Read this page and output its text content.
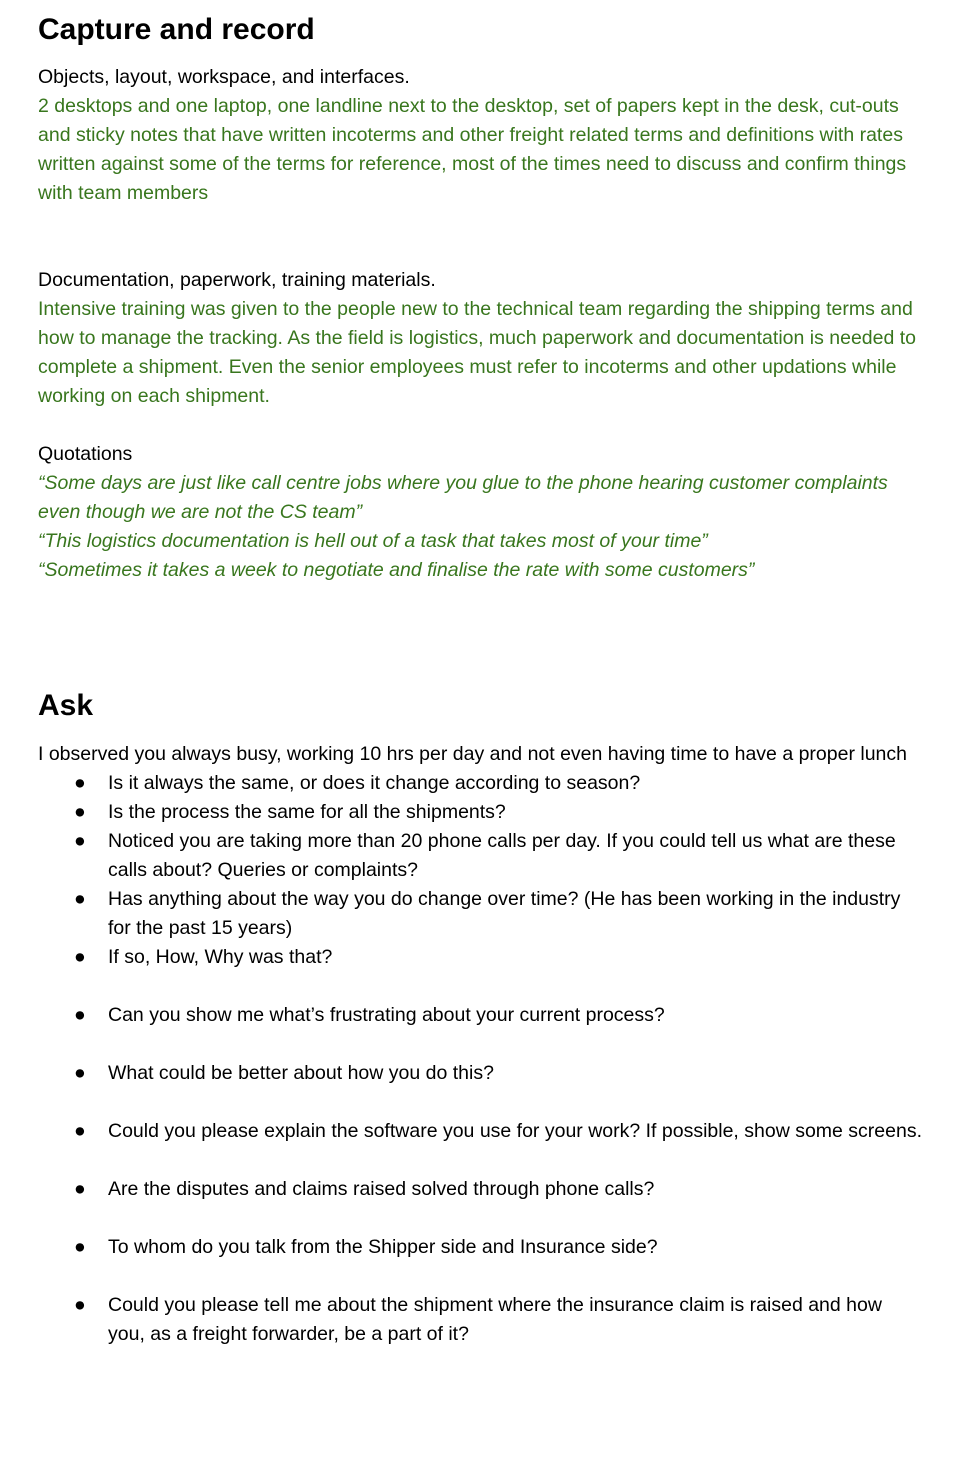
Capture and record

Objects, layout, workspace, and interfaces.

2 desktops and one laptop, one landline next to the desktop, set of papers kept in the desk, cut-outs and sticky notes that have written incoterms and other freight related terms and definitions with rates written against some of the terms for reference, most of the times need to discuss and confirm things with team members

Documentation, paperwork, training materials.

Intensive training was given to the people new to the technical team regarding the shipping terms and how to manage the tracking. As the field is logistics, much paperwork and documentation is needed to complete a shipment. Even the senior employees must refer to incoterms and other updations while working on each shipment.

Quotations

“Some days are just like call centre jobs where you glue to the phone hearing customer complaints even though we are not the CS team”

“This logistics documentation is hell out of a task that takes most of your time”

“Sometimes it takes a week to negotiate and finalise the rate with some customers”

Ask

I observed you always busy, working 10 hrs per day and not even having time to have a proper lunch

● Is it always the same, or does it change according to season?
● Is the process the same for all the shipments?
● Noticed you are taking more than 20 phone calls per day. If you could tell us what are these calls about? Queries or complaints?
● Has anything about the way you do change over time? (He has been working in the industry for the past 15 years)
● If so, How, Why was that?
● Can you show me what’s frustrating about your current process?
● What could be better about how you do this?
● Could you please explain the software you use for your work? If possible, show some screens.
● Are the disputes and claims raised solved through phone calls?
● To whom do you talk from the Shipper side and Insurance side?
● Could you please tell me about the shipment where the insurance claim is raised and how you, as a freight forwarder, be a part of it?
